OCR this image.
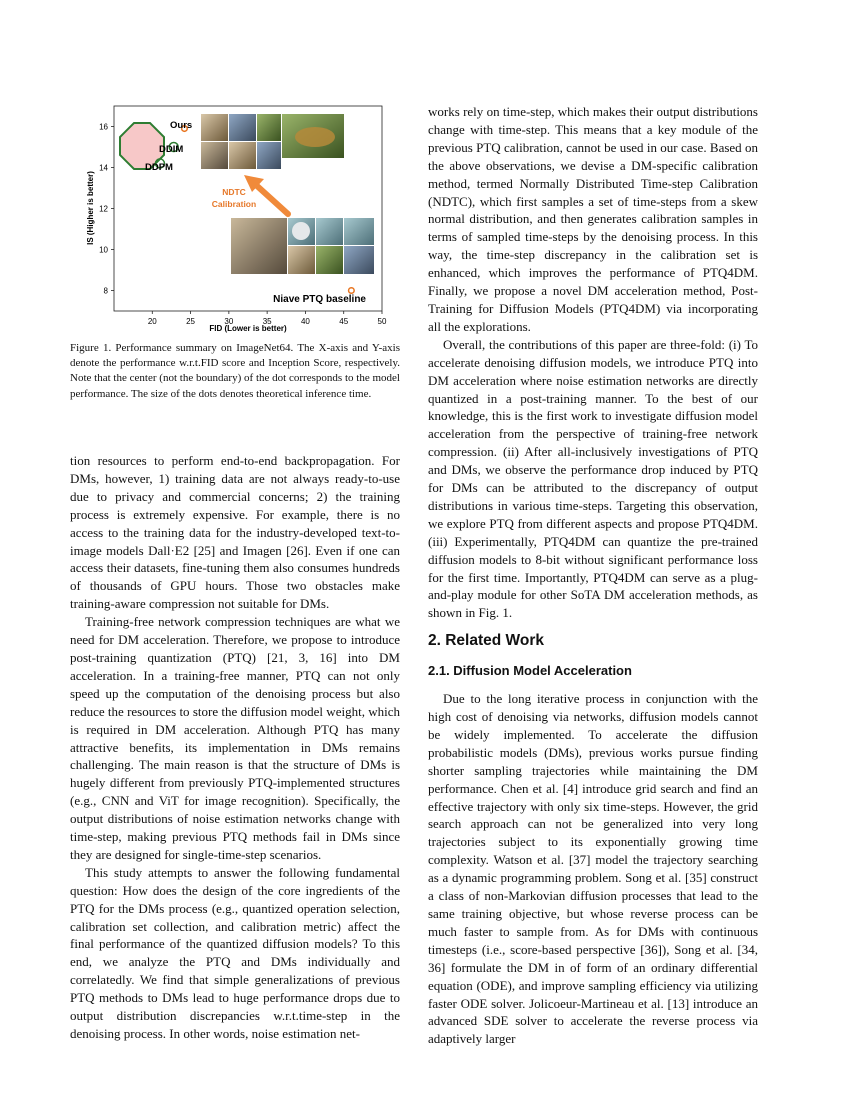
20	25	30	35	40	45	50
16
14
12
10
8
NDTC
Calibration
Ours
DDIM
DDPM
Niave PTQ baseline
FID (Lower is better)
IS (Higher is better)
Figure 1. Performance summary on ImageNet64. The X-axis and Y-axis denote the performance w.r.t.FID score and Inception Score, respectively. Note that the center (not the boundary) of the dot corresponds to the model performance. The size of the dots denotes theoretical inference time.

tion resources to perform end-to-end backpropagation. For DMs, however, 1) training data are not always ready-to-use due to privacy and commercial concerns; 2) the training process is extremely expensive. For example, there is no access to the training data for the industry-developed text-to-image models Dall·E2 [25] and Imagen [26]. Even if one can access their datasets, fine-tuning them also consumes hundreds of thousands of GPU hours. Those two obstacles make training-aware compression not suitable for DMs.

Training-free network compression techniques are what we need for DM acceleration. Therefore, we propose to introduce post-training quantization (PTQ) [21, 3, 16] into DM acceleration. In a training-free manner, PTQ can not only speed up the computation of the denoising process but also reduce the resources to store the diffusion model weight, which is required in DM acceleration. Although PTQ has many attractive benefits, its implementation in DMs remains challenging. The main reason is that the structure of DMs is hugely different from previously PTQ-implemented structures (e.g., CNN and ViT for image recognition). Specifically, the output distributions of noise estimation networks change with time-step, making previous PTQ methods fail in DMs since they are designed for single-time-step scenarios.

This study attempts to answer the following fundamental question: How does the design of the core ingredients of the PTQ for the DMs process (e.g., quantized operation selection, calibration set collection, and calibration metric) affect the final performance of the quantized diffusion models? To this end, we analyze the PTQ and DMs individually and correlatedly. We find that simple generalizations of previous PTQ methods to DMs lead to huge performance drops due to output distribution discrepancies w.r.t.time-step in the denoising process. In other words, noise estimation net-

works rely on time-step, which makes their output distributions change with time-step. This means that a key module of the previous PTQ calibration, cannot be used in our case. Based on the above observations, we devise a DM-specific calibration method, termed Normally Distributed Time-step Calibration (NDTC), which first samples a set of time-steps from a skew normal distribution, and then generates calibration samples in terms of sampled time-steps by the denoising process. In this way, the time-step discrepancy in the calibration set is enhanced, which improves the performance of PTQ4DM. Finally, we propose a novel DM acceleration method, Post-Training for Diffusion Models (PTQ4DM) via incorporating all the explorations.

Overall, the contributions of this paper are three-fold: (i) To accelerate denoising diffusion models, we introduce PTQ into DM acceleration where noise estimation networks are directly quantized in a post-training manner. To the best of our knowledge, this is the first work to investigate diffusion model acceleration from the perspective of training-free network compression. (ii) After all-inclusively investigations of PTQ and DMs, we observe the performance drop induced by PTQ for DMs can be attributed to the discrepancy of output distributions in various time-steps. Targeting this observation, we explore PTQ from different aspects and propose PTQ4DM. (iii) Experimentally, PTQ4DM can quantize the pre-trained diffusion models to 8-bit without significant performance loss for the first time. Importantly, PTQ4DM can serve as a plug-and-play module for other SoTA DM acceleration methods, as shown in Fig. 1.

2. Related Work
2.1. Diffusion Model Acceleration

Due to the long iterative process in conjunction with the high cost of denoising via networks, diffusion models cannot be widely implemented. To accelerate the diffusion probabilistic models (DMs), previous works pursue finding shorter sampling trajectories while maintaining the DM performance. Chen et al. [4] introduce grid search and find an effective trajectory with only six time-steps. However, the grid search approach can not be generalized into very long trajectories subject to its exponentially growing time complexity. Watson et al. [37] model the trajectory searching as a dynamic programming problem. Song et al. [35] construct a class of non-Markovian diffusion processes that lead to the same training objective, but whose reverse process can be much faster to sample from. As for DMs with continuous timesteps (i.e., score-based perspective [36]), Song et al. [34, 36] formulate the DM in of form of an ordinary differential equation (ODE), and improve sampling efficiency via utilizing faster ODE solver. Jolicoeur-Martineau et al. [13] introduce an advanced SDE solver to accelerate the reverse process via adaptively larger
